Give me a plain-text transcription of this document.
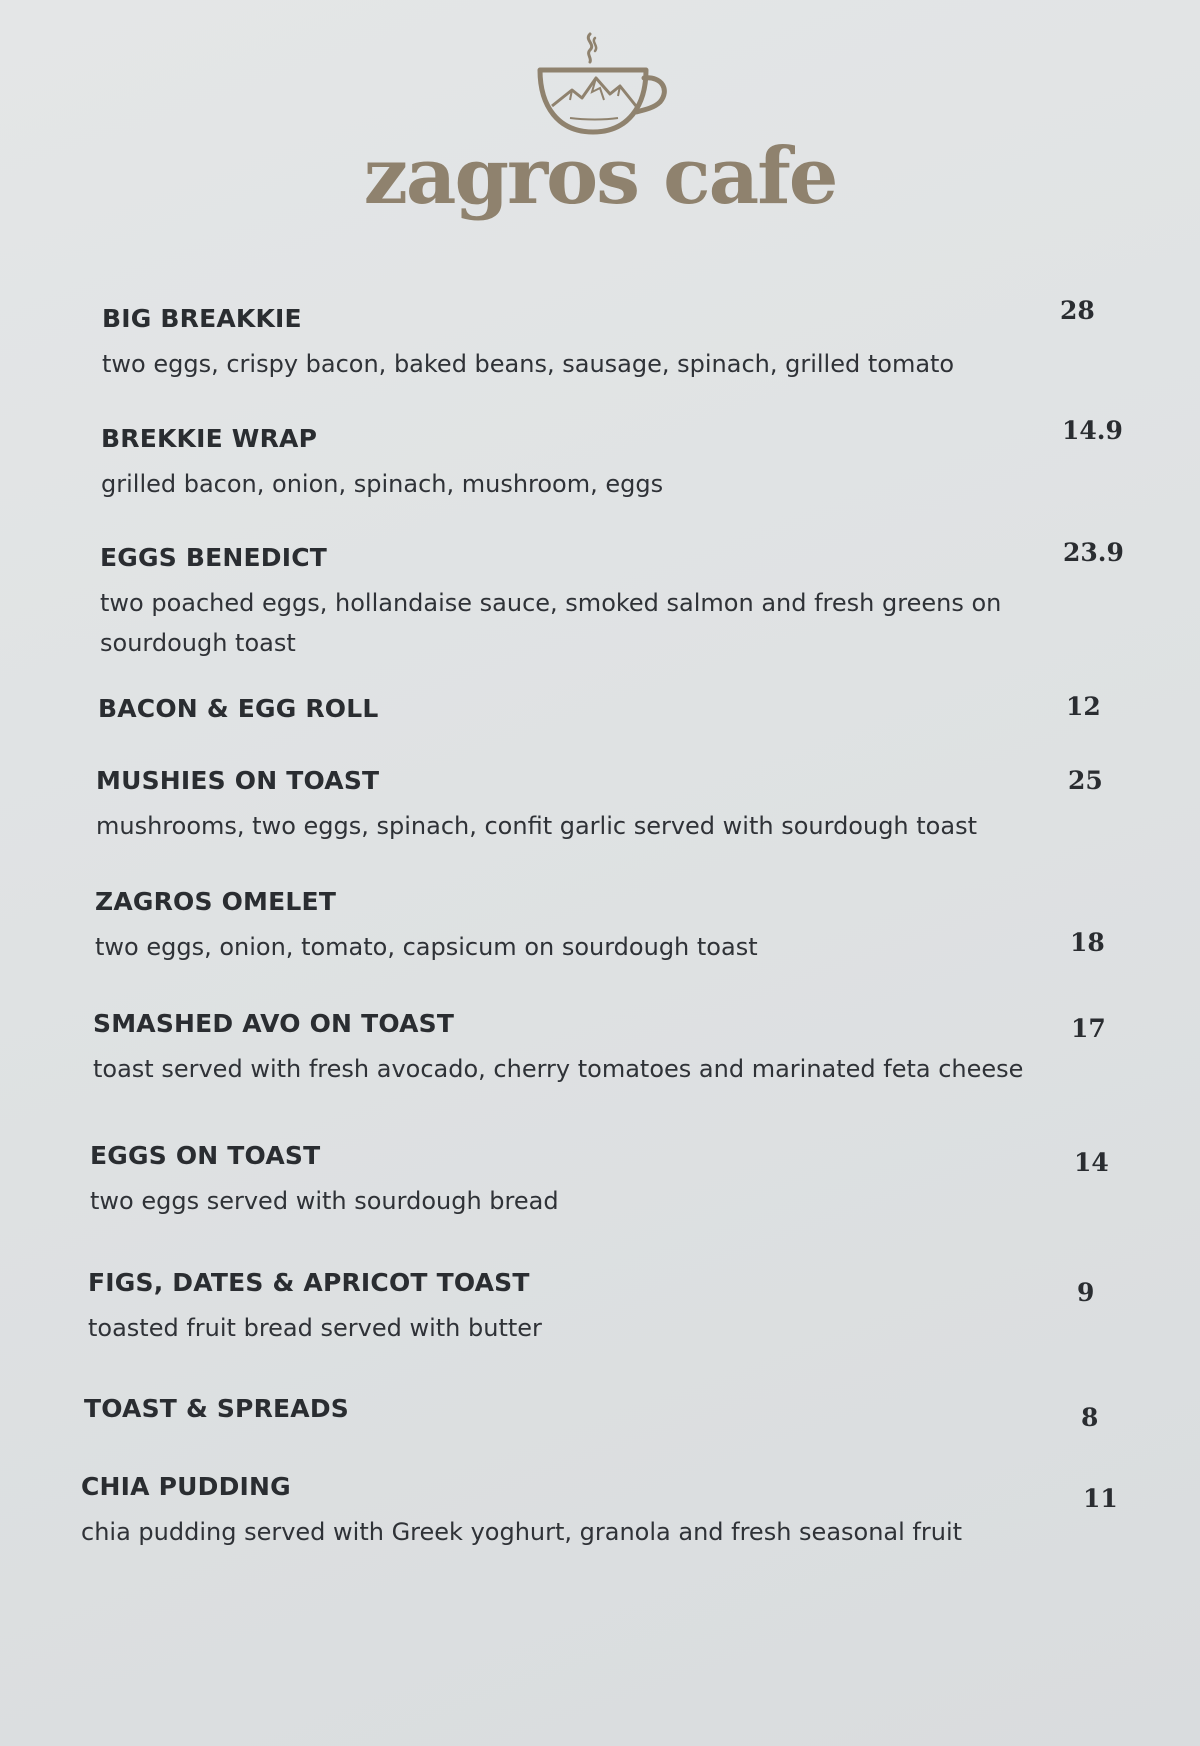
zagros cafe
BIG BREAKKIE
two eggs, crispy bacon, baked beans, sausage, spinach, grilled tomato
28
BREKKIE WRAP
grilled bacon, onion, spinach, mushroom, eggs
14.9
EGGS BENEDICT
two poached eggs, hollandaise sauce, smoked salmon and fresh greens on sourdough toast
23.9
BACON & EGG ROLL	12
MUSHIES ON TOAST
mushrooms, two eggs, spinach, confit garlic served with sourdough toast
25
ZAGROS OMELET
two eggs, onion, tomato, capsicum on sourdough toast	18
SMASHED AVO ON TOAST
toast served with fresh avocado, cherry tomatoes and marinated feta cheese
17
EGGS ON TOAST
two eggs served with sourdough bread
14
FIGS, DATES & APRICOT TOAST
toasted fruit bread served with butter
9
TOAST & SPREADS	8
CHIA PUDDING
chia pudding served with Greek yoghurt, granola and fresh seasonal fruit
11
